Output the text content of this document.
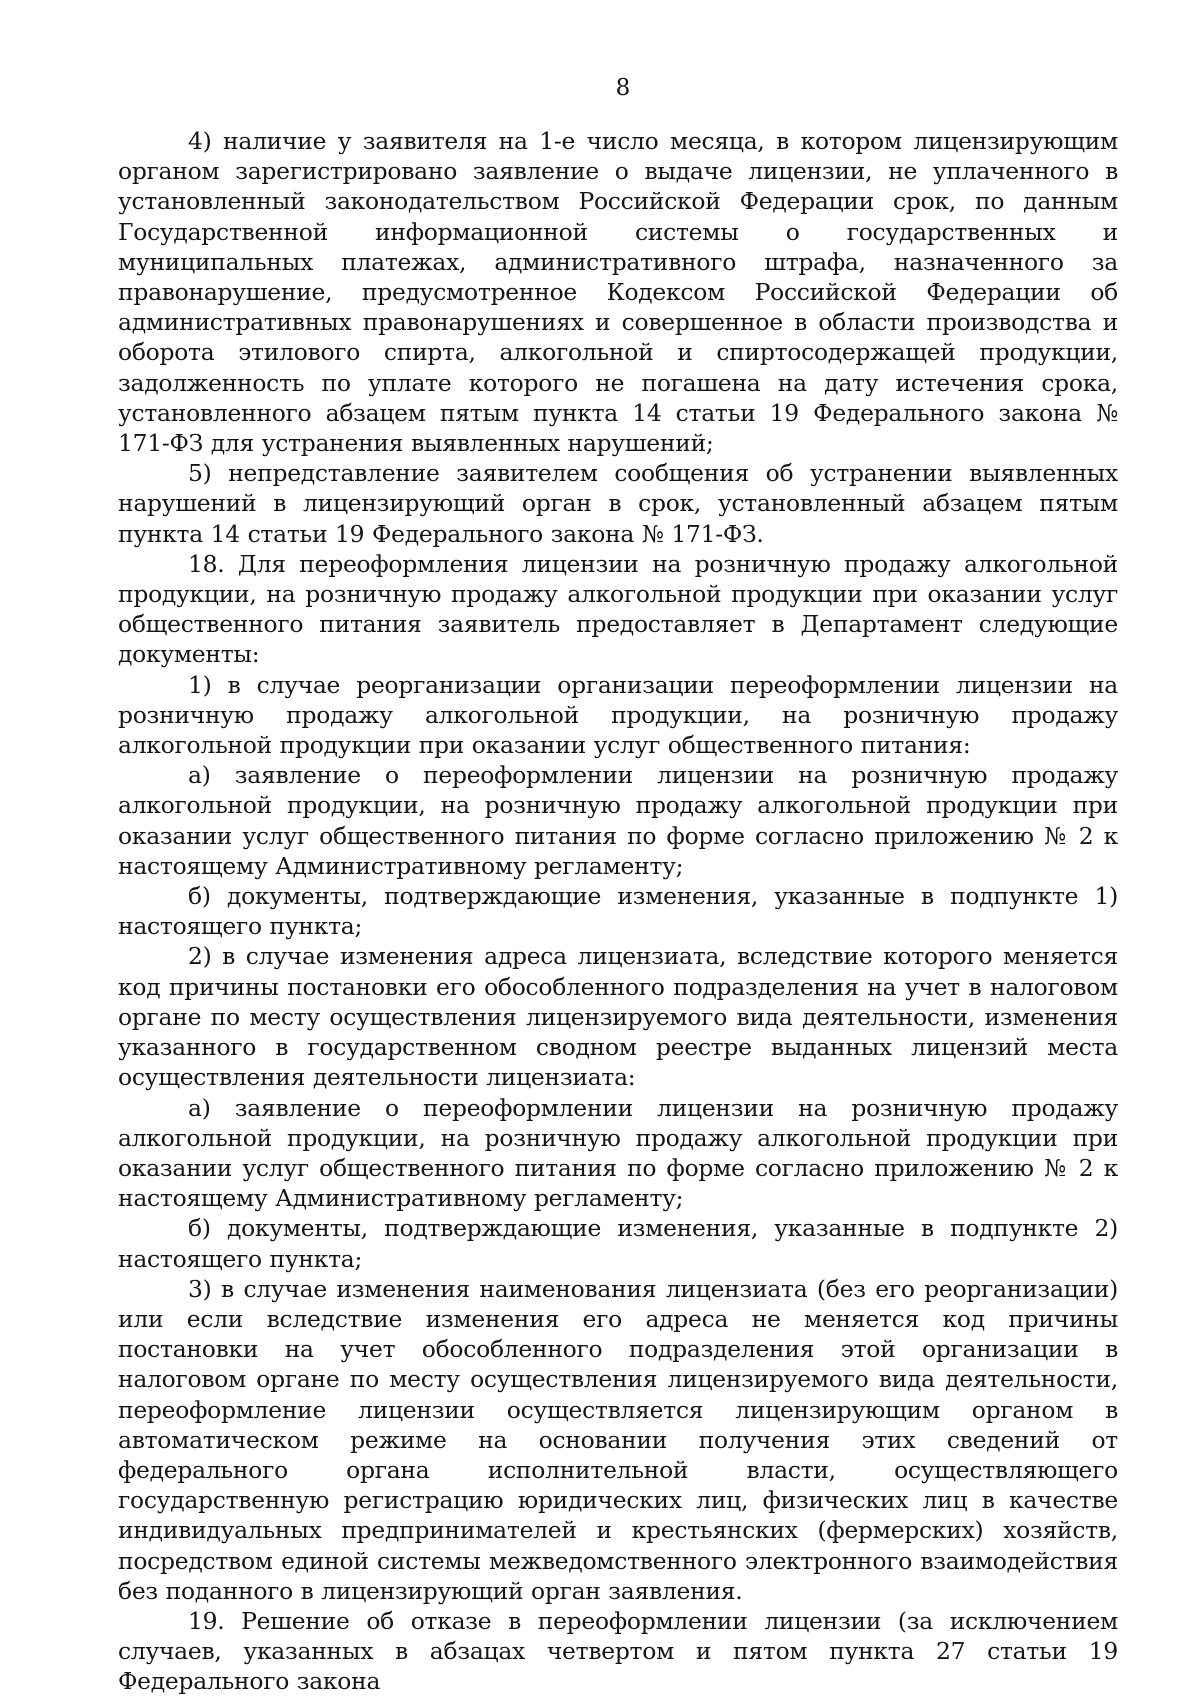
8

4) наличие у заявителя на 1-е число месяца, в котором лицензирующим органом зарегистрировано заявление о выдаче лицензии, не уплаченного в установленный законодательством Российской Федерации срок, по данным Государственной информационной системы о государственных и муниципальных платежах, административного штрафа, назначенного за правонарушение, предусмотренное Кодексом Российской Федерации об административных правонарушениях и совершенное в области производства и оборота этилового спирта, алкогольной и спиртосодержащей продукции, задолженность по уплате которого не погашена на дату истечения срока, установленного абзацем пятым пункта 14 статьи 19 Федерального закона № 171-ФЗ для устранения выявленных нарушений;

5) непредставление заявителем сообщения об устранении выявленных нарушений в лицензирующий орган в срок, установленный абзацем пятым пункта 14 статьи 19 Федерального закона № 171-ФЗ.

18. Для переоформления лицензии на розничную продажу алкогольной продукции, на розничную продажу алкогольной продукции при оказании услуг общественного питания заявитель предоставляет в Департамент следующие документы:

1) в случае реорганизации организации переоформлении лицензии на розничную продажу алкогольной продукции, на розничную продажу алкогольной продукции при оказании услуг общественного питания:

а) заявление о переоформлении лицензии на розничную продажу алкогольной продукции, на розничную продажу алкогольной продукции при оказании услуг общественного питания по форме согласно приложению № 2 к настоящему Административному регламенту;

б) документы, подтверждающие изменения, указанные в подпункте 1) настоящего пункта;

2) в случае изменения адреса лицензиата, вследствие которого меняется код причины постановки его обособленного подразделения на учет в налоговом органе по месту осуществления лицензируемого вида деятельности, изменения указанного в государственном сводном реестре выданных лицензий места осуществления деятельности лицензиата:

а) заявление о переоформлении лицензии на розничную продажу алкогольной продукции, на розничную продажу алкогольной продукции при оказании услуг общественного питания по форме согласно приложению № 2 к настоящему Административному регламенту;

б) документы, подтверждающие изменения, указанные в подпункте 2) настоящего пункта;

3) в случае изменения наименования лицензиата (без его реорганизации) или если вследствие изменения его адреса не меняется код причины постановки на учет обособленного подразделения этой организации в налоговом органе по месту осуществления лицензируемого вида деятельности, переоформление лицензии осуществляется лицензирующим органом в автоматическом режиме на основании получения этих сведений от федерального органа исполнительной власти, осуществляющего государственную регистрацию юридических лиц, физических лиц в качестве индивидуальных предпринимателей и крестьянских (фермерских) хозяйств, посредством единой системы межведомственного электронного взаимодействия без поданного в лицензирующий орган заявления.

19. Решение об отказе в переоформлении лицензии (за исключением случаев, указанных в абзацах четвертом и пятом пункта 27 статьи 19 Федерального закона
